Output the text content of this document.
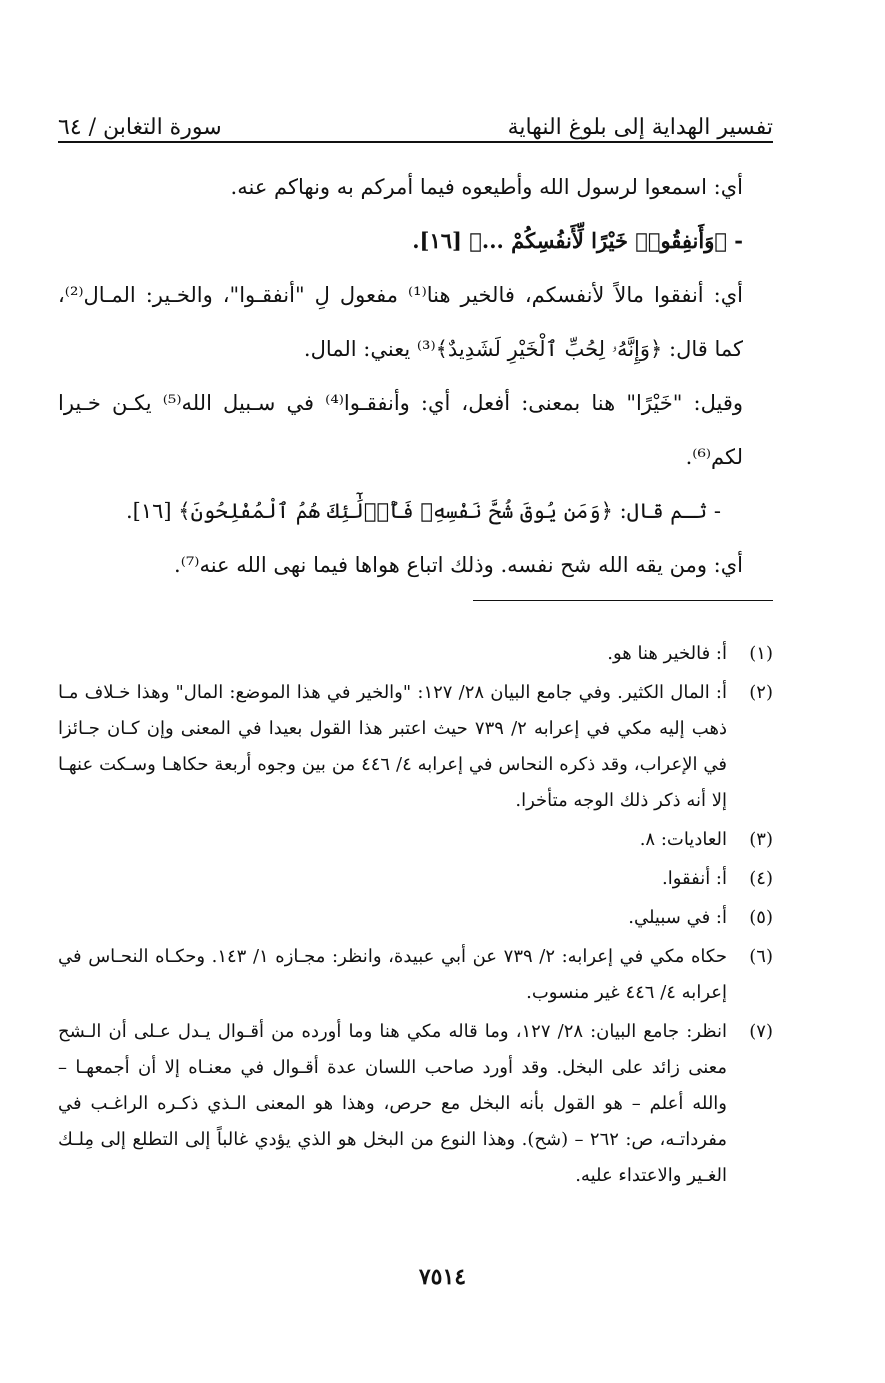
تفسير الهداية إلى بلوغ النهاية
سورة التغابن / ٦٤

أي: اسمعوا لرسول الله وأطيعوه فيما أمركم به ونهاكم عنه.

- ﴿وَأَنفِقُوا۟ خَيْرًا لِّأَنفُسِكُمْ ...﴾ [١٦].

أي: أنفقوا مالاً لأنفسكم، فالخير هنا⁽¹⁾ مفعول لِ "أنفقـوا"، والخـير: المـال⁽²⁾، كما قال: ﴿وَإِنَّهُۥ لِحُبِّ ٱلْخَيْرِ لَشَدِيدٌ﴾⁽³⁾ يعني: المال.

وقيل: "خَيْرًا" هنا بمعنى: أفعل، أي: وأنفقـوا⁽⁴⁾ في سـبيل الله⁽⁵⁾ يكـن خـيرا لكم⁽⁶⁾.

- ثـم قال: ﴿وَمَن يُوقَ شُحَّ نَفْسِهِۦ فَأُو۟لَٰٓئِكَ هُمُ ٱلْمُفْلِحُونَ﴾ [١٦].

أي: ومن يقه الله شح نفسه. وذلك اتباع هواها فيما نهى الله عنه⁽⁷⁾.

(١)
أ: فالخير هنا هو.
(٢)
أ: المال الكثير. وفي جامع البيان ٢٨/ ١٢٧: "والخير في هذا الموضع: المال" وهذا خـلاف مـا ذهب إليه مكي في إعرابه ٢/ ٧٣٩ حيث اعتبر هذا القول بعيدا في المعنى وإن كـان جـائزا في الإعراب، وقد ذكره النحاس في إعرابه ٤/ ٤٤٦ من بين وجوه أربعة حكاهـا وسـكت عنهـا إلا أنه ذكر ذلك الوجه متأخرا.
(٣)
العاديات: ٨.
(٤)
أ: أنفقوا.
(٥)
أ: في سبيلي.
(٦)
حكاه مكي في إعرابه: ٢/ ٧٣٩ عن أبي عبيدة، وانظر: مجـازه ١/ ١٤٣. وحكـاه النحـاس في إعرابه ٤/ ٤٤٦ غير منسوب.
(٧)
انظر: جامع البيان: ٢٨/ ١٢٧، وما قاله مكي هنا وما أورده من أقـوال يـدل عـلى أن الـشح معنى زائد على البخل. وقد أورد صاحب اللسان عدة أقـوال في معنـاه إلا أن أجمعهـا – والله أعلم – هو القول بأنه البخل مع حرص، وهذا هو المعنى الـذي ذكـره الراغـب في مفرداتـه، ص: ٢٦٢ – (شح). وهذا النوع من البخل هو الذي يؤدي غالباً إلى التطلع إلى مِلـك الغـير والاعتداء عليه.
٧٥١٤
